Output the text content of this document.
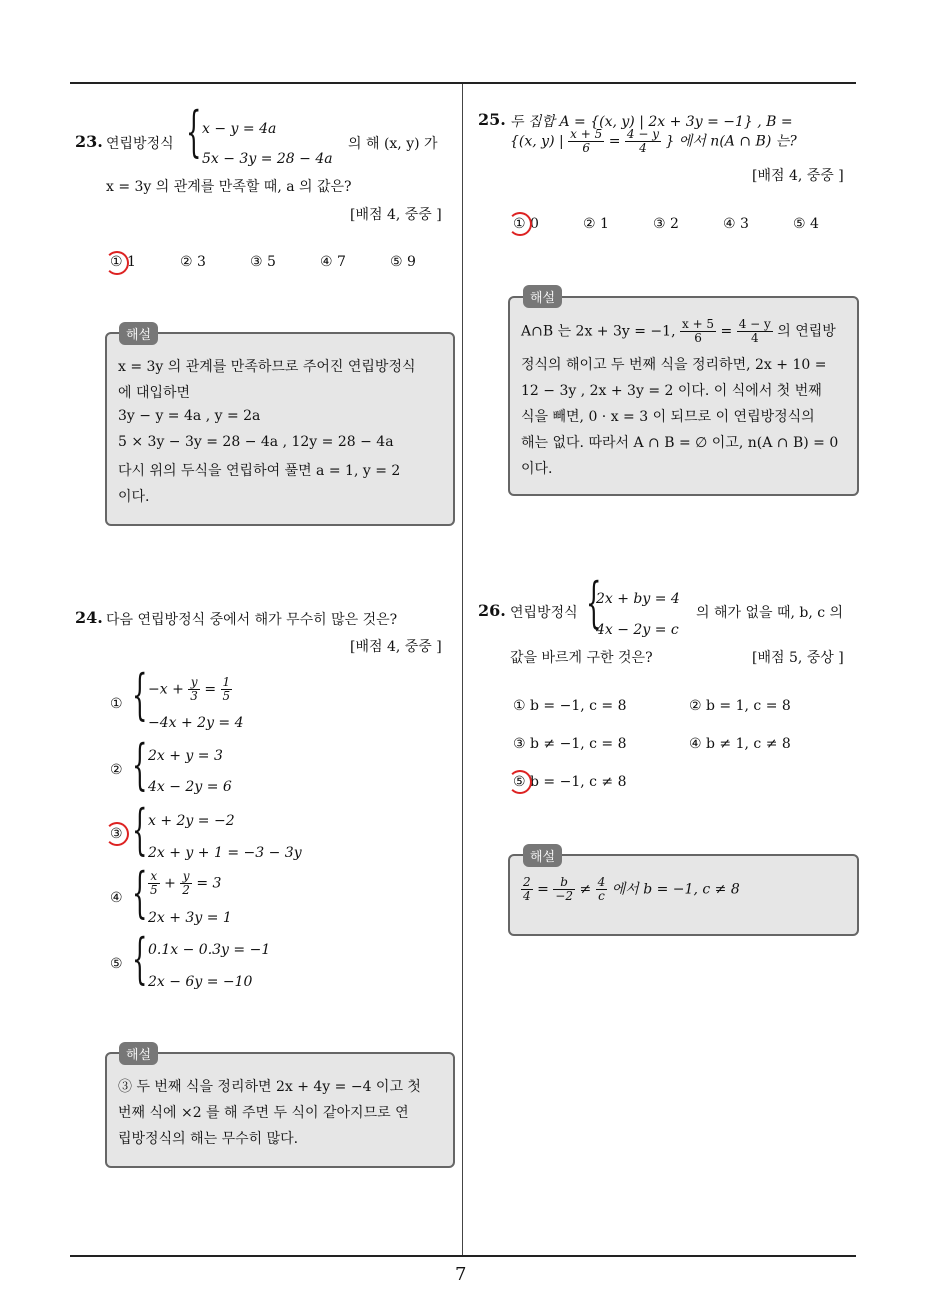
7
23. 연립방정식 { x − y = 4a
5x − 3y = 28 − 4a
의 해 (x, y) 가
x = 3y 의 관계를 만족할 때, a 의 값은?
[배점 4, 중중 ]
① 1	② 3	③ 5	④ 7	⑤ 9
x = 3y 의 관계를 만족하므로 주어진 연립방정식
에 대입하면
3y − y = 4a , y = 2a
5 × 3y − 3y = 28 − 4a , 12y = 28 − 4a
다시 위의 두식을 연립하여 풀면 a = 1, y = 2
이다.
해설
24. 다음 연립방정식 중에서 해가 무수히 많은 것은?
[배점 4, 중중 ]
① { $-x + \frac{y}{3} = \frac{1}{5}$
−4x + 2y = 4
② { 2x + y = 3
4x − 2y = 6
③ { x + 2y = −2
2x + y + 1 = −3 − 3y
④ { $\frac{x}{5} + \frac{y}{2} = 3$
2x + 3y = 1
⑤ { 0.1x − 0.3y = −1
2x − 6y = −10
③ 두 번째 식을 정리하면 2x + 4y = −4 이고 첫
번째 식에 ×2 를 해 주면 두 식이 같아지므로 연
립방정식의 해는 무수히 많다.
해설
25. 두 집합 A = {(x, y) | 2x + 3y = −1} , B =
{(x, y) | $\frac{x + 5}{6} = \frac{4 - y}{4}$ } 에서 n(A ∩ B) 는?
[배점 4, 중중 ]
① 0	② 1	③ 2	④ 3	⑤ 4
A∩B 는 2x + 3y = −1, $\frac{x + 5}{6} = \frac{4 - y}{4}$ 의 연립방
정식의 해이고 두 번째 식을 정리하면, 2x + 10 =
12 − 3y , 2x + 3y = 2 이다. 이 식에서 첫 번째
식을 빼면, 0 · x = 3 이 되므로 이 연립방정식의
해는 없다. 따라서 A ∩ B = ∅ 이고, n(A ∩ B) = 0
이다.
해설
26. 연립방정식 {
2x + by = 4
4x − 2y = c
의 해가 없을 때, b, c 의
값을 바르게 구한 것은?	[배점 5, 중상 ]
① b = −1, c = 8	② b = 1, c = 8
③ b ≠ −1, c = 8	④ b ≠ 1, c ≠ 8
⑤ b = −1, c ≠ 8
$\frac{2}{4} = \frac{b}{-2} \ne \frac{4}{c}$ 에서 b = −1, c ≠ 8
해설
